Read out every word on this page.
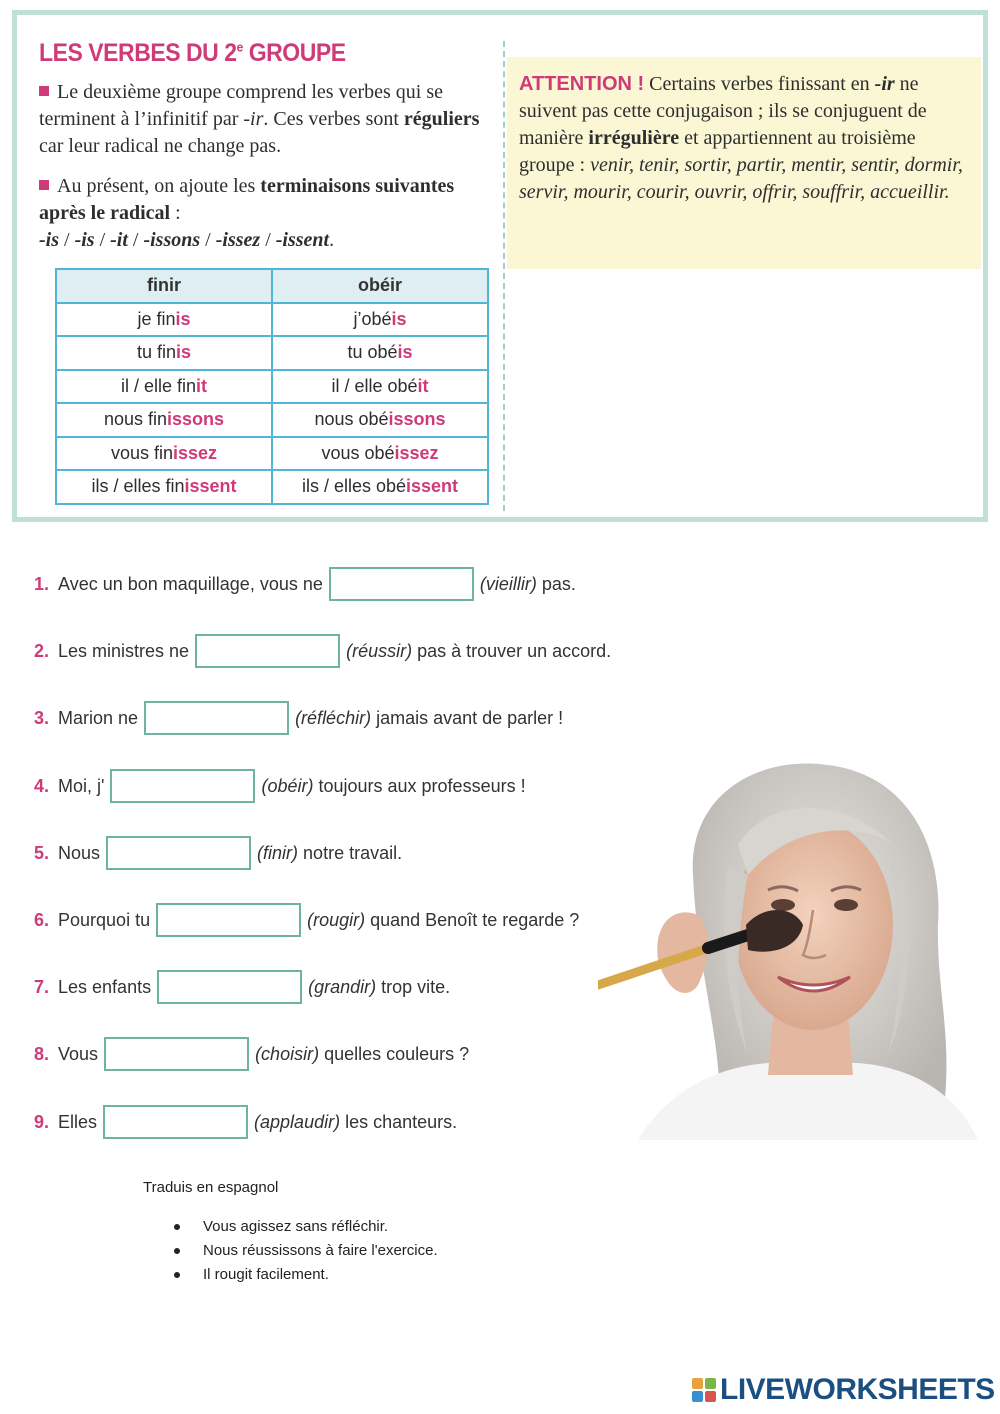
LES VERBES DU 2e GROUPE
Le deuxième groupe comprend les verbes qui se terminent à l’infinitif par -ir. Ces verbes sont réguliers car leur radical ne change pas.
Au présent, on ajoute les terminaisons suivantes après le radical :
-is / -is / -it / -issons / -issez / -issent.
finir	obéir
je finis	j’obéis
tu finis	tu obéis
il / elle finit	il / elle obéit
nous finissons	nous obéissons
vous finissez	vous obéissez
ils / elles finissent	ils / elles obéissent
ATTENTION ! Certains verbes finissant en -ir ne suivent pas cette conjugaison ; ils se conjuguent de manière irrégulière et appartiennent au troisième groupe : venir, tenir, sortir, partir, mentir, sentir, dormir, servir, mourir, courir, ouvrir, offrir, souffrir, accueillir.
1. Avec un bon maquillage, vous ne	(vieillir) pas.
2. Les ministres ne	(réussir) pas à trouver un accord.
3. Marion ne	(réfléchir) jamais avant de parler !
4. Moi, j'	(obéir) toujours aux professeurs !
5. Nous	(finir) notre travail.
6. Pourquoi tu	(rougir) quand Benoît te regarde ?
7. Les enfants	(grandir) trop vite.
8. Vous	(choisir) quelles couleurs ?
9. Elles	(applaudir) les chanteurs.
Traduis en espagnol
Vous agissez sans réfléchir.
Nous réussissons à faire l'exercice.
Il rougit facilement.
LIVEWORKSHEETS
